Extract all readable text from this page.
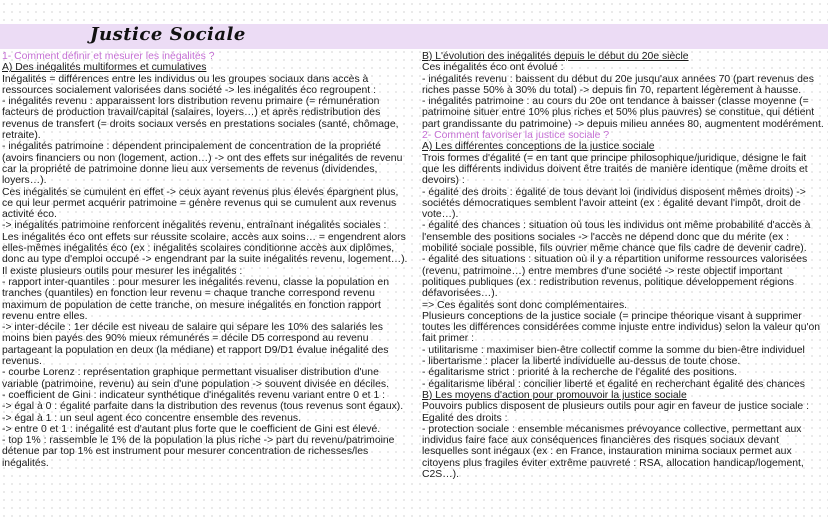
Justice Sociale

1- Comment définir et mesurer les inégalités ?

A) Des inégalités multiformes et cumulatives

Inégalités = différences entre les individus ou les groupes sociaux dans accès à ressources socialement valorisées dans société -> les inégalités éco regroupent :

- inégalités revenu : apparaissent lors distribution revenu primaire (= rémunération facteurs de production travail/capital (salaires, loyers…) et après redistribution des revenus de transfert (= droits sociaux versés en prestations sociales (santé, chômage, retraite).

- inégalités patrimoine : dépendent principalement de concentration de la propriété (avoirs financiers ou non (logement, action…) -> ont des effets sur inégalités de revenu car la propriété de patrimoine donne lieu aux versements de revenus (dividendes, loyers…).

Ces inégalités se cumulent en effet -> ceux ayant revenus plus élevés épargnent plus, ce qui leur permet acquérir patrimoine = génère revenus qui se cumulent aux revenus activité éco.

-> inégalités patrimoine renforcent inégalités revenu, entraînant inégalités sociales :

Les inégalités éco ont effets sur réussite scolaire, accès aux soins… = engendrent alors elles-mêmes inégalités éco (ex : inégalités scolaires conditionne accès aux diplômes, donc au type d'emploi occupé -> engendrant par la suite inégalités revenu, logement…).

Il existe plusieurs outils pour mesurer les inégalités :

- rapport inter-quantiles : pour mesurer les inégalités revenu, classe la population en tranches (quantiles) en fonction leur revenu = chaque tranche correspond revenu maximum de population de cette tranche, on mesure inégalités en fonction rapport revenu entre elles.

-> inter-décile : 1er décile est niveau de salaire qui sépare les 10% des salariés les moins bien payés des 90% mieux rémunérés = décile D5 correspond au revenu partageant la population en deux (la médiane) et rapport D9/D1 évalue inégalité des revenus.

- courbe Lorenz : représentation graphique permettant visualiser distribution d'une variable (patrimoine, revenu) au sein d'une population -> souvent divisée en déciles.

- coefficient de Gini : indicateur synthétique d'inégalités revenu variant entre 0 et 1 :

-> égal à 0 : égalité parfaite dans la distribution des revenus (tous revenus sont égaux).

-> égal à 1 : un seul agent éco concentre ensemble des revenus.

-> entre 0 et 1 : inégalité est d'autant plus forte que le coefficient de Gini est élevé.

- top 1% : rassemble le 1% de la population la plus riche -> part du revenu/patrimoine détenue par top 1% est instrument pour mesurer concentration de richesses/les inégalités.

B) L'évolution des inégalités depuis le début du 20e siècle

Ces inégalités éco ont évolué :

- inégalités revenu : baissent du début du 20e jusqu'aux années 70 (part revenus des riches passe 50% à 30% du total) -> depuis fin 70, repartent légèrement à hausse.

- inégalités patrimoine : au cours du 20e ont tendance à baisser (classe moyenne (= patrimoine situer entre 10% plus riches et 50% plus pauvres) se constitue, qui détient part grandissante du patrimoine) -> depuis milieu années 80, augmentent modérément.

2- Comment favoriser la justice sociale ?

A) Les différentes conceptions de la justice sociale

Trois formes d'égalité (= en tant que principe philosophique/juridique, désigne le fait que les différents individus doivent être traités de manière identique (même droits et devoirs) :

- égalité des droits : égalité de tous devant loi (individus disposent mêmes droits) -> sociétés démocratiques semblent l'avoir atteint (ex : égalité devant l'impôt, droit de vote…).

- égalité des chances : situation où tous les individus ont même probabilité d'accès à l'ensemble des positions sociales -> l'accès ne dépend donc que du mérite (ex : mobilité sociale possible, fils ouvrier même chance que fils cadre de devenir cadre).

- égalité des situations : situation où il y a répartition uniforme ressources valorisées (revenu, patrimoine…) entre membres d'une société -> reste objectif important politiques publiques (ex : redistribution revenus, politique développement régions défavorisées…).

=> Ces égalités sont donc complémentaires.

Plusieurs conceptions de la justice sociale (= principe théorique visant à supprimer toutes les différences considérées comme injuste entre individus) selon la valeur qu'on fait primer :

- utilitarisme : maximiser bien-être collectif comme la somme du bien-être individuel

- libertarisme : placer la liberté individuelle au-dessus de toute chose.

- égalitarisme strict : priorité à la recherche de l'égalité des positions.

- égalitarisme libéral : concilier liberté et égalité en recherchant égalité des chances

B) Les moyens d'action pour promouvoir la justice sociale

Pouvoirs publics disposent de plusieurs outils pour agir en faveur de justice sociale :

Egalité des droits :

- protection sociale : ensemble mécanismes prévoyance collective, permettant aux individus faire face aux conséquences financières des risques sociaux devant lesquelles sont inégaux (ex : en France, instauration minima sociaux permet aux citoyens plus fragiles éviter extrême pauvreté : RSA, allocation handicap/logement, C2S…).
